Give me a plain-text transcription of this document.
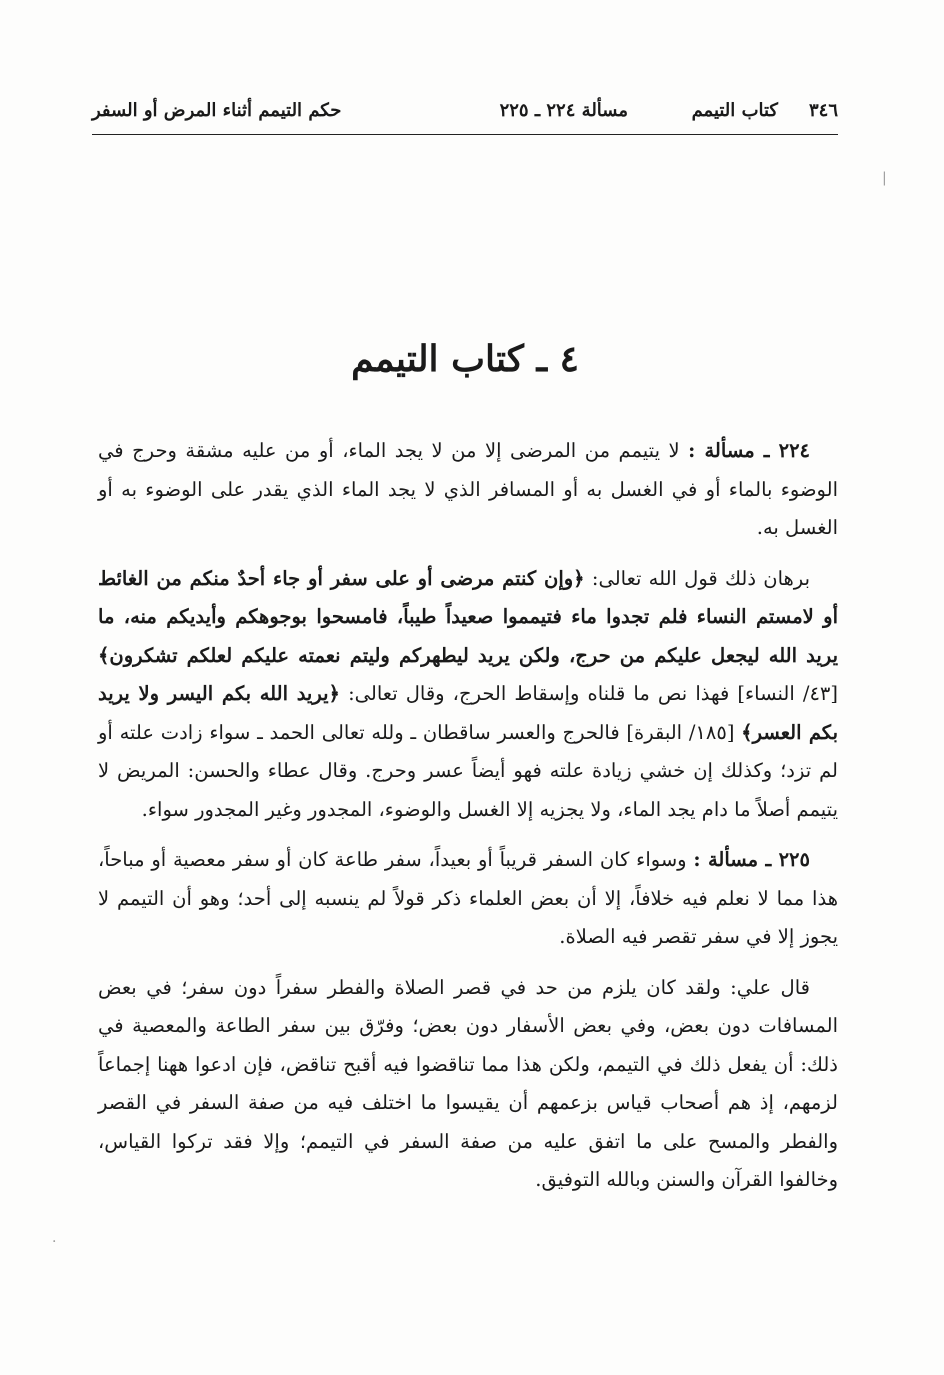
٣٤٦
كتاب التيمم
مسألة ٢٢٤ ـ ٢٢٥
حكم التيمم أثناء المرض أو السفر
٤ ـ كتاب التيمم

٢٢٤ ـ مسألة : لا يتيمم من المرضى إلا من لا يجد الماء، أو من عليه مشقة وحرج في الوضوء بالماء أو في الغسل به أو المسافر الذي لا يجد الماء الذي يقدر على الوضوء به أو الغسل به.

برهان ذلك قول الله تعالى: ﴿وإن كنتم مرضى أو على سفر أو جاء أحدٌ منكم من الغائط أو لامستم النساء فلم تجدوا ماء فتيمموا صعيداً طيباً، فامسحوا بوجوهكم وأيديكم منه، ما يريد الله ليجعل عليكم من حرج، ولكن يريد ليطهركم وليتم نعمته عليكم لعلكم تشكرون﴾ [٤٣/ النساء] فهذا نص ما قلناه وإسقاط الحرج، وقال تعالى: ﴿يريد الله بكم اليسر ولا يريد بكم العسر﴾ [١٨٥/ البقرة] فالحرج والعسر ساقطان ـ ولله تعالى الحمد ـ سواء زادت علته أو لم تزد؛ وكذلك إن خشي زيادة علته فهو أيضاً عسر وحرج. وقال عطاء والحسن: المريض لا يتيمم أصلاً ما دام يجد الماء، ولا يجزيه إلا الغسل والوضوء، المجدور وغير المجدور سواء.

٢٢٥ ـ مسألة : وسواء كان السفر قريباً أو بعيداً، سفر طاعة كان أو سفر معصية أو مباحاً، هذا مما لا نعلم فيه خلافاً، إلا أن بعض العلماء ذكر قولاً لم ينسبه إلى أحد؛ وهو أن التيمم لا يجوز إلا في سفر تقصر فيه الصلاة.

قال علي: ولقد كان يلزم من حد في قصر الصلاة والفطر سفراً دون سفر؛ في بعض المسافات دون بعض، وفي بعض الأسفار دون بعض؛ وفرّق بين سفر الطاعة والمعصية في ذلك: أن يفعل ذلك في التيمم، ولكن هذا مما تناقضوا فيه أقبح تناقض، فإن ادعوا ههنا إجماعاً لزمهم، إذ هم أصحاب قياس بزعمهم أن يقيسوا ما اختلف فيه من صفة السفر في القصر والفطر والمسح على ما اتفق عليه من صفة السفر في التيمم؛ وإلا فقد تركوا القياس، وخالفوا القرآن والسنن وبالله التوفيق.

|
·
